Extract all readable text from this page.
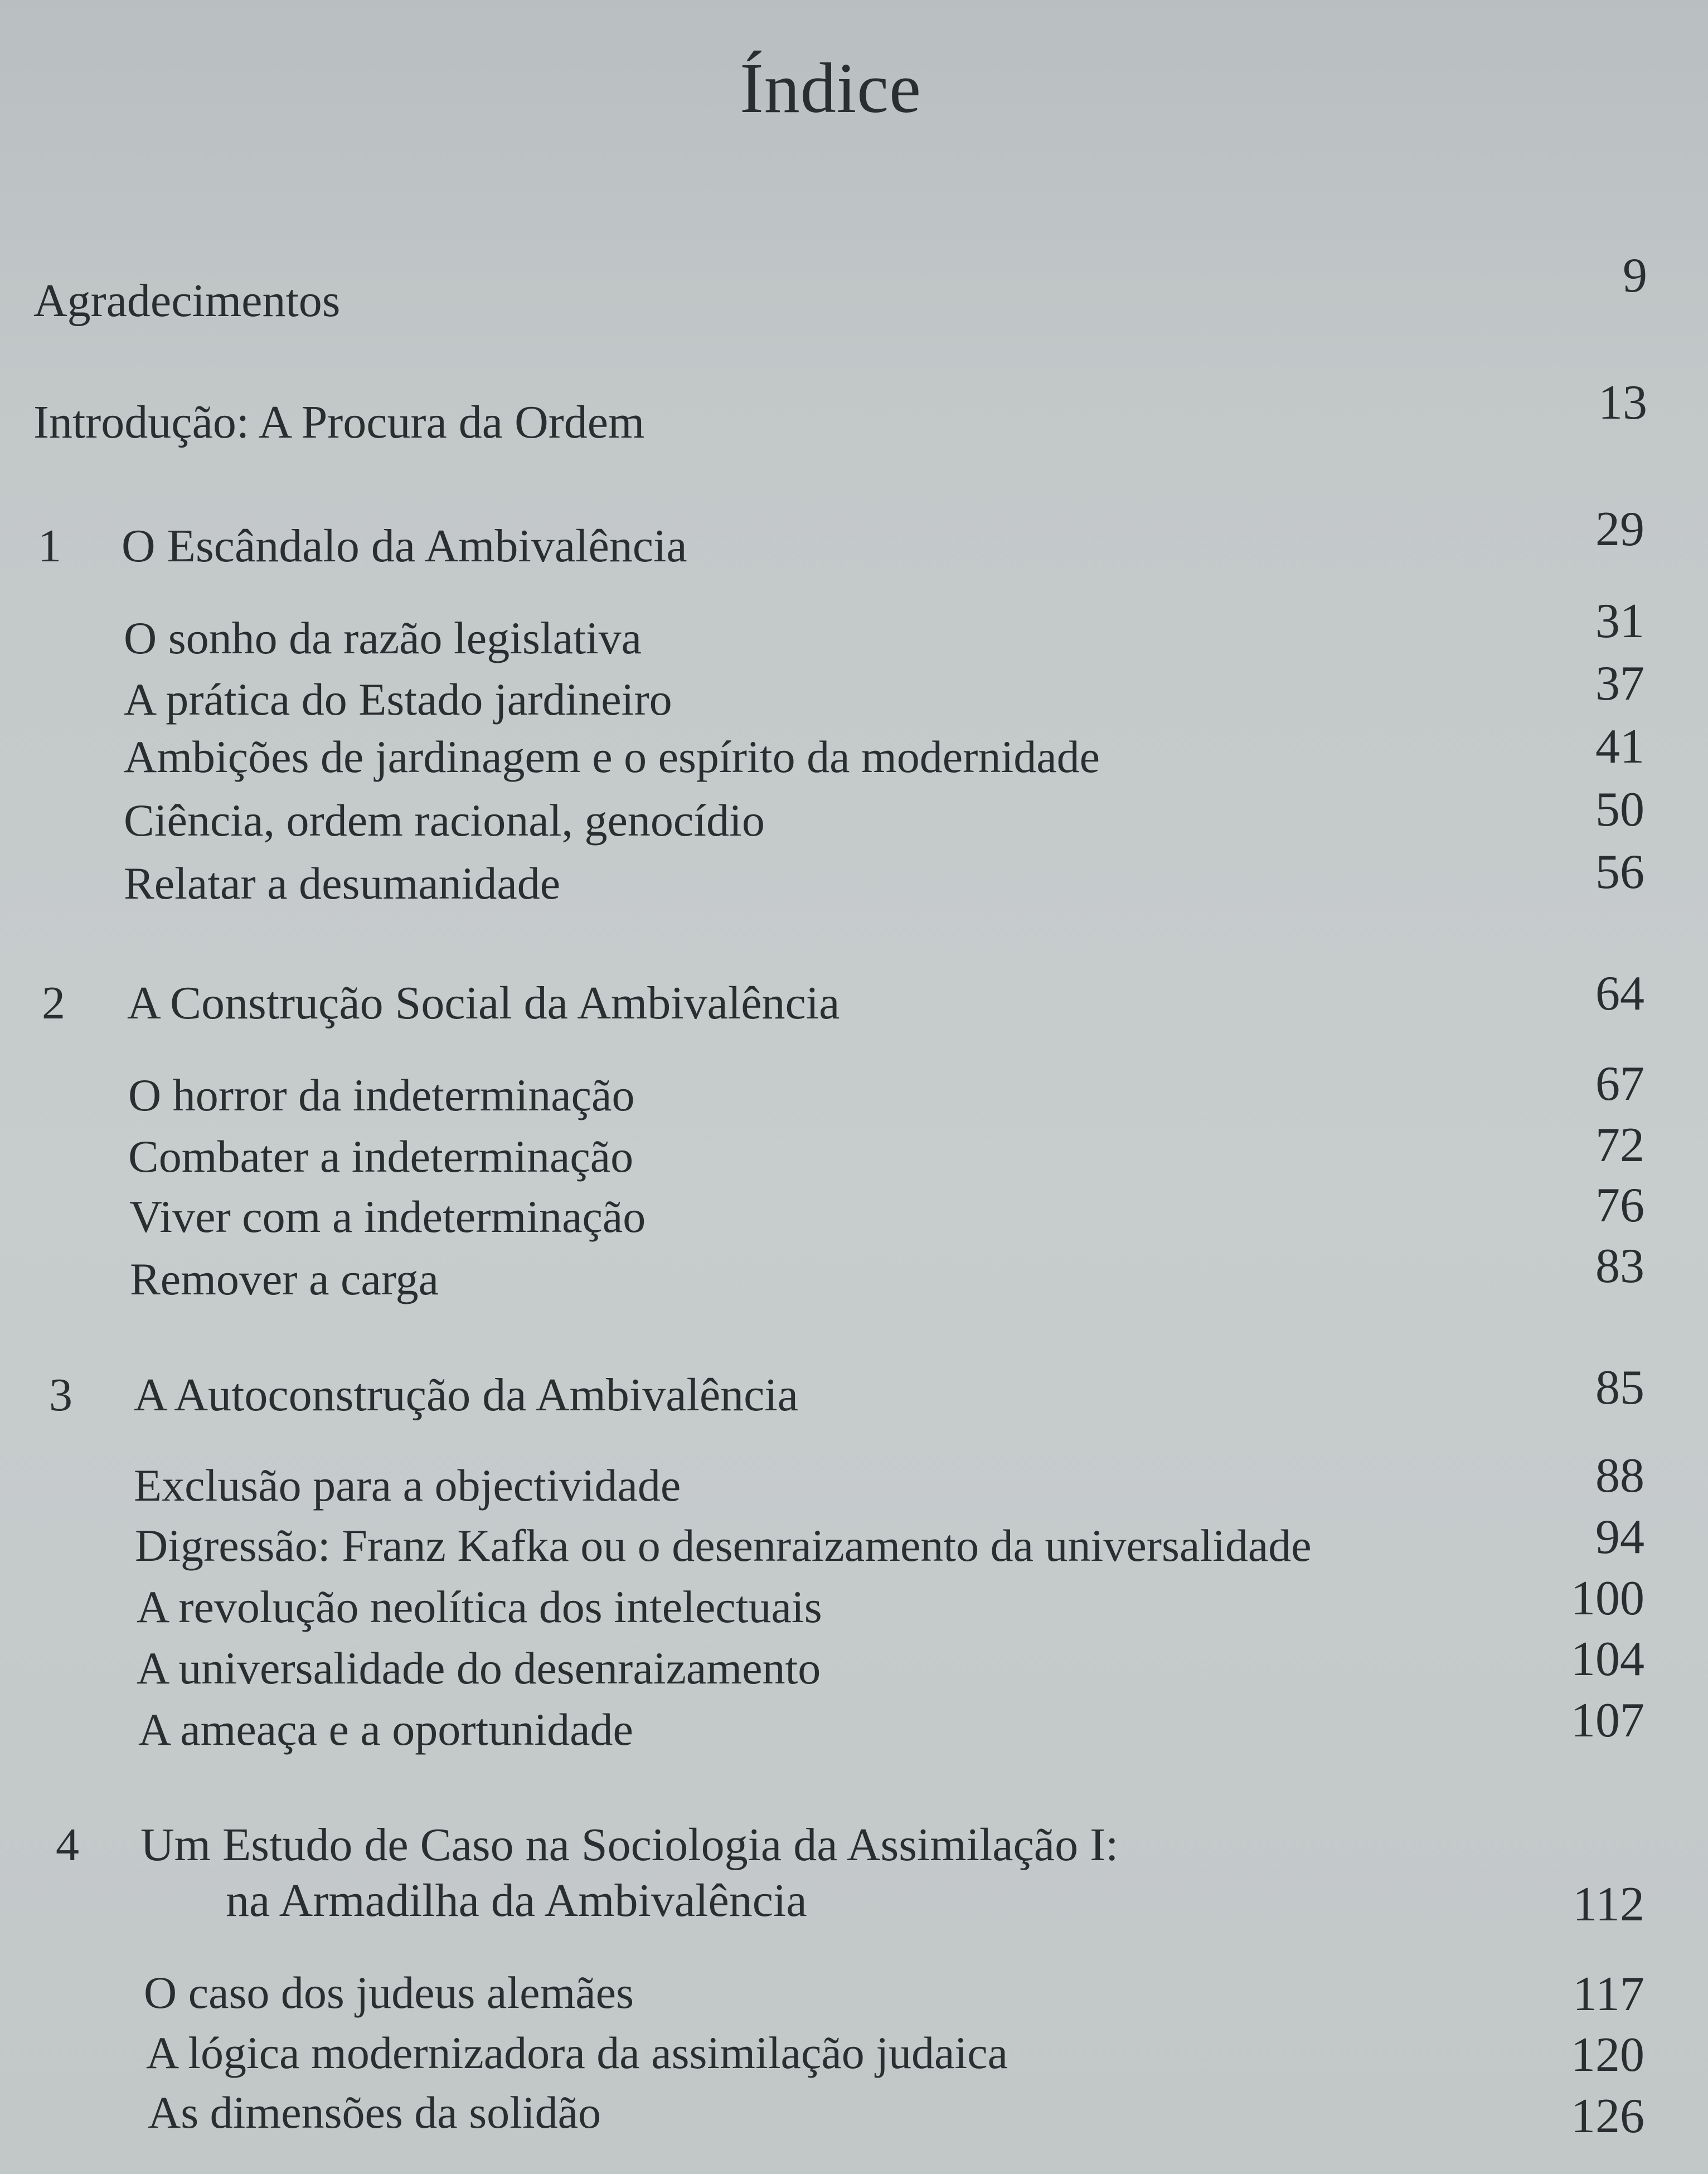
Índice
Agradecimentos	9
Introdução: A Procura da Ordem	13
1 O Escândalo da Ambivalência	29
O sonho da razão legislativa	31
A prática do Estado jardineiro	37
Ambições de jardinagem e o espírito da modernidade	41
Ciência, ordem racional, genocídio	50
Relatar a desumanidade	56
2 A Construção Social da Ambivalência	64
O horror da indeterminação	67
Combater a indeterminação	72
Viver com a indeterminação	76
Remover a carga	83
3 A Autoconstrução da Ambivalência	85
Exclusão para a objectividade	88
Digressão: Franz Kafka ou o desenraizamento da universalidade	94
A revolução neolítica dos intelectuais	100
A universalidade do desenraizamento	104
A ameaça e a oportunidade	107
4 Um Estudo de Caso na Sociologia da Assimilação I:
na Armadilha da Ambivalência	112
O caso dos judeus alemães	117
A lógica modernizadora da assimilação judaica	120
As dimensões da solidão	126
